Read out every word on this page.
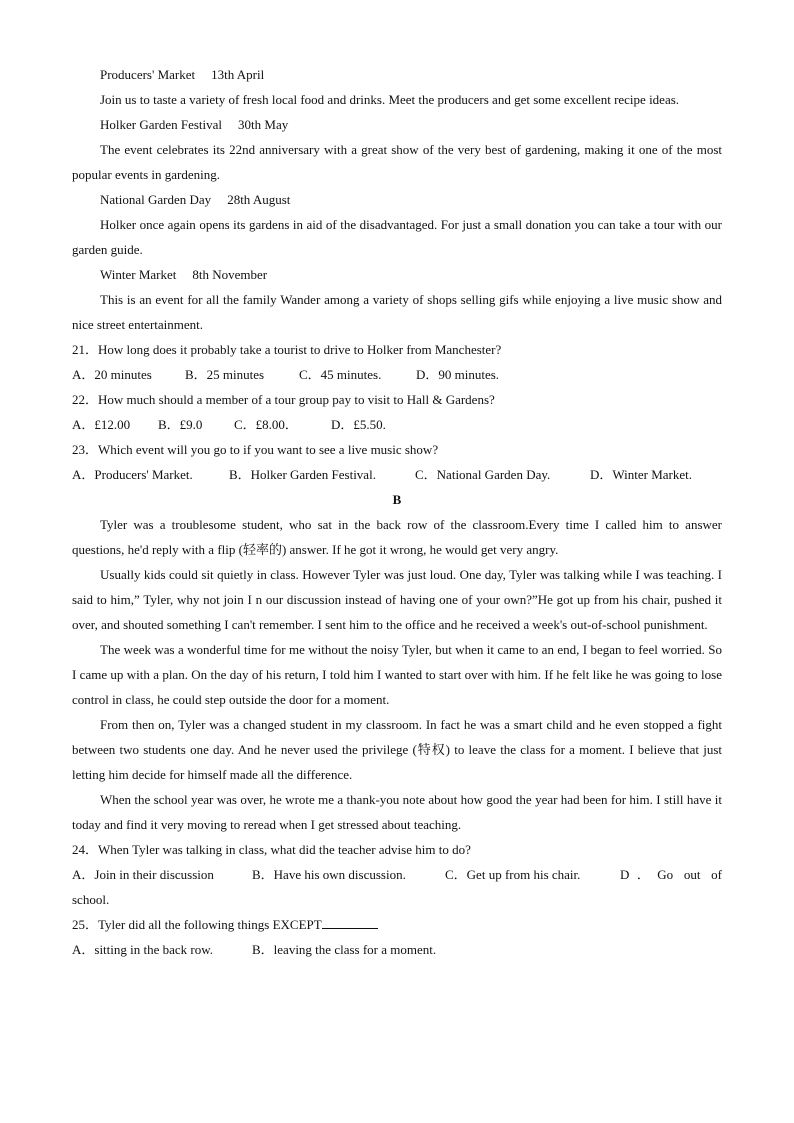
Producers' Market 13th April

Join us to taste a variety of fresh local food and drinks. Meet the producers and get some excellent recipe ideas.

Holker Garden Festival 30th May

The event celebrates its 22nd anniversary with a great show of the very best of gardening, making it one of the most popular events in gardening.

National Garden Day 28th August

Holker once again opens its gardens in aid of the disadvantaged. For just a small donation you can take a tour with our garden guide.

Winter Market 8th November

This is an event for all the family Wander among a variety of shops selling gifs while enjoying a live music show and nice street entertainment.

21．How long does it probably take a tourist to drive to Holker from Manchester?
A．20 minutes	B．25 minutes	C．45 minutes.	D．90 minutes.
22．How much should a member of a tour group pay to visit to Hall & Gardens?
A．£12.00	B．£9.0	C．£8.00．	D．£5.50.
23．Which event will you go to if you want to see a live music show?
A．Producers' Market.	B．Holker Garden Festival.	C．National Garden Day.	D．Winter Market.
B

Tyler was a troublesome student, who sat in the back row of the classroom.Every time I called him to answer questions, he'd reply with a flip (轻率的) answer. If he got it wrong, he would get very angry.

Usually kids could sit quietly in class. However Tyler was just loud. One day, Tyler was talking while I was teaching. I said to him,” Tyler, why not join I n our discussion instead of having one of your own?”He got up from his chair, pushed it over, and shouted something I can't remember. I sent him to the office and he received a week's out-of-school punishment.

The week was a wonderful time for me without the noisy Tyler, but when it came to an end, I began to feel worried. So I came up with a plan. On the day of his return, I told him I wanted to start over with him. If he felt like he was going to lose control in class, he could step outside the door for a moment.

From then on, Tyler was a changed student in my classroom. In fact he was a smart child and he even stopped a fight between two students one day. And he never used the privilege (特权) to leave the class for a moment. I believe that just letting him decide for himself made all the difference.

When the school year was over, he wrote me a thank-you note about how good the year had been for him. I still have it today and find it very moving to reread when I get stressed about teaching.

24．When Tyler was talking in class, what did the teacher advise him to do?
A．Join in their discussion	B．Have his own discussion.	C．Get up from his chair.	D．Go out of school.
25．Tyler did all the following things EXCEPT
A．sitting in the back row.	B．leaving the class for a moment.
